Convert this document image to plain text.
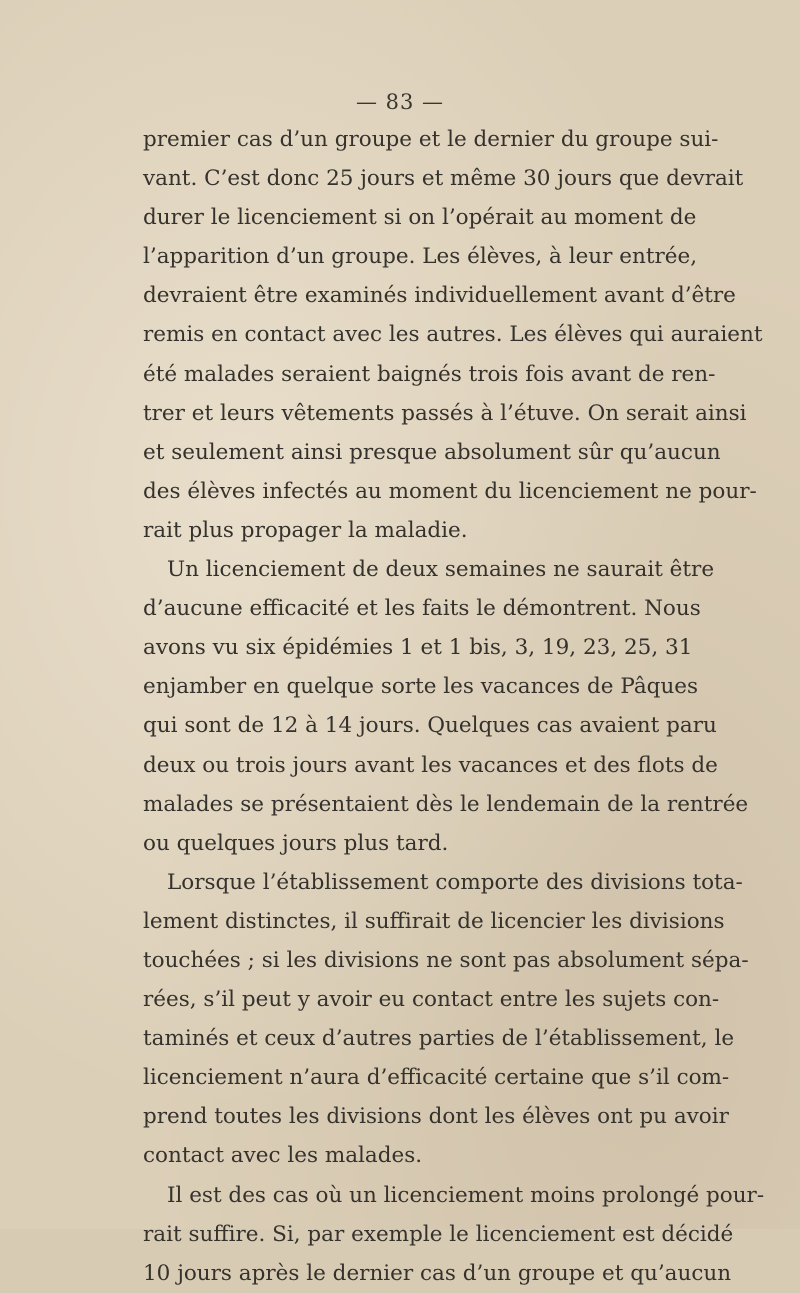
— 83 —
premier cas d’un groupe et le dernier du groupe sui-
vant. C’est donc 25 jours et même 30 jours que devrait
durer le licenciement si on l’opérait au moment de
l’apparition d’un groupe. Les élèves, à leur entrée,
devraient être examinés individuellement avant d’être
remis en contact avec les autres. Les élèves qui auraient
été malades seraient baignés trois fois avant de ren-
trer et leurs vêtements passés à l’étuve. On serait ainsi
et seulement ainsi presque absolument sûr qu’aucun
des élèves infectés au moment du licenciement ne pour-
rait plus propager la maladie.
Un licenciement de deux semaines ne saurait être
d’aucune efficacité et les faits le démontrent. Nous
avons vu six épidémies 1 et 1 bis, 3, 19, 23, 25, 31
enjamber en quelque sorte les vacances de Pâques
qui sont de 12 à 14 jours. Quelques cas avaient paru
deux ou trois jours avant les vacances et des flots de
malades se présentaient dès le lendemain de la rentrée
ou quelques jours plus tard.
Lorsque l’établissement comporte des divisions tota-
lement distinctes, il suffirait de licencier les divisions
touchées ; si les divisions ne sont pas absolument sépa-
rées, s’il peut y avoir eu contact entre les sujets con-
taminés et ceux d’autres parties de l’établissement, le
licenciement n’aura d’efficacité certaine que s’il com-
prend toutes les divisions dont les élèves ont pu avoir
contact avec les malades.
Il est des cas où un licenciement moins prolongé pour-
rait suffire. Si, par exemple le licenciement est décidé
10 jours après le dernier cas d’un groupe et qu’aucun
